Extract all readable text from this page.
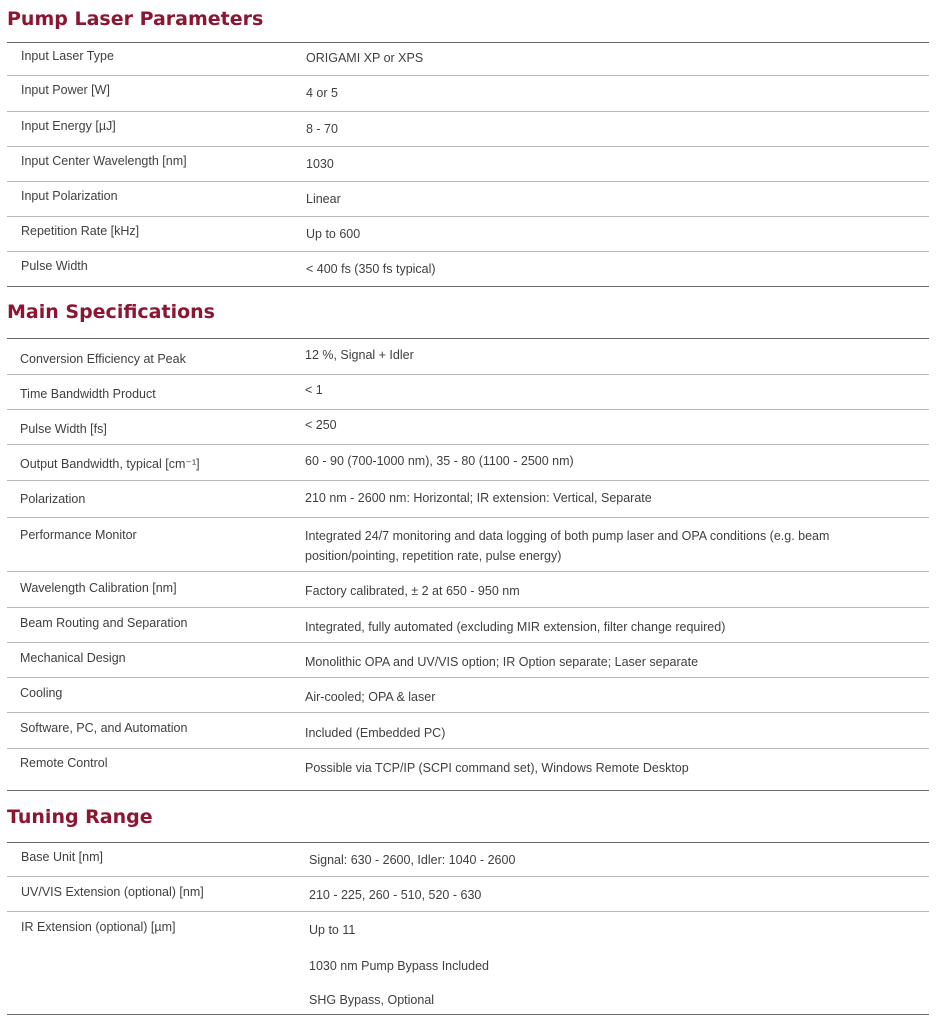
Pump Laser Parameters
Input Laser Type	ORIGAMI XP or XPS
Input Power [W]	4 or 5
Input Energy [µJ]	8 - 70
Input Center Wavelength [nm]	1030
Input Polarization	Linear
Repetition Rate [kHz]	Up to 600
Pulse Width	< 400 fs (350 fs typical)
Main Specifications
Conversion Efficiency at Peak	12 %, Signal + Idler
Time Bandwidth Product	< 1
Pulse Width [fs]	< 250
Output Bandwidth, typical [cm⁻¹]	60 - 90 (700-1000 nm), 35 - 80 (1100 - 2500 nm)
Polarization	210 nm - 2600 nm: Horizontal; IR extension: Vertical, Separate
Performance Monitor	Integrated 24/7 monitoring and data logging of both pump laser and OPA conditions (e.g. beam position/pointing, repetition rate, pulse energy)
Wavelength Calibration [nm]	Factory calibrated, ± 2 at 650 - 950 nm
Beam Routing and Separation	Integrated, fully automated (excluding MIR extension, filter change required)
Mechanical Design	Monolithic OPA and UV/VIS option; IR Option separate; Laser separate
Cooling	Air-cooled; OPA & laser
Software, PC, and Automation	Included (Embedded PC)
Remote Control	Possible via TCP/IP (SCPI command set), Windows Remote Desktop
Tuning Range
Base Unit [nm]	Signal: 630 - 2600, Idler: 1040 - 2600
UV/VIS Extension (optional) [nm]	210 - 225, 260 - 510, 520 - 630
IR Extension (optional) [µm]	Up to 11
1030 nm Pump Bypass Included
SHG Bypass, Optional
